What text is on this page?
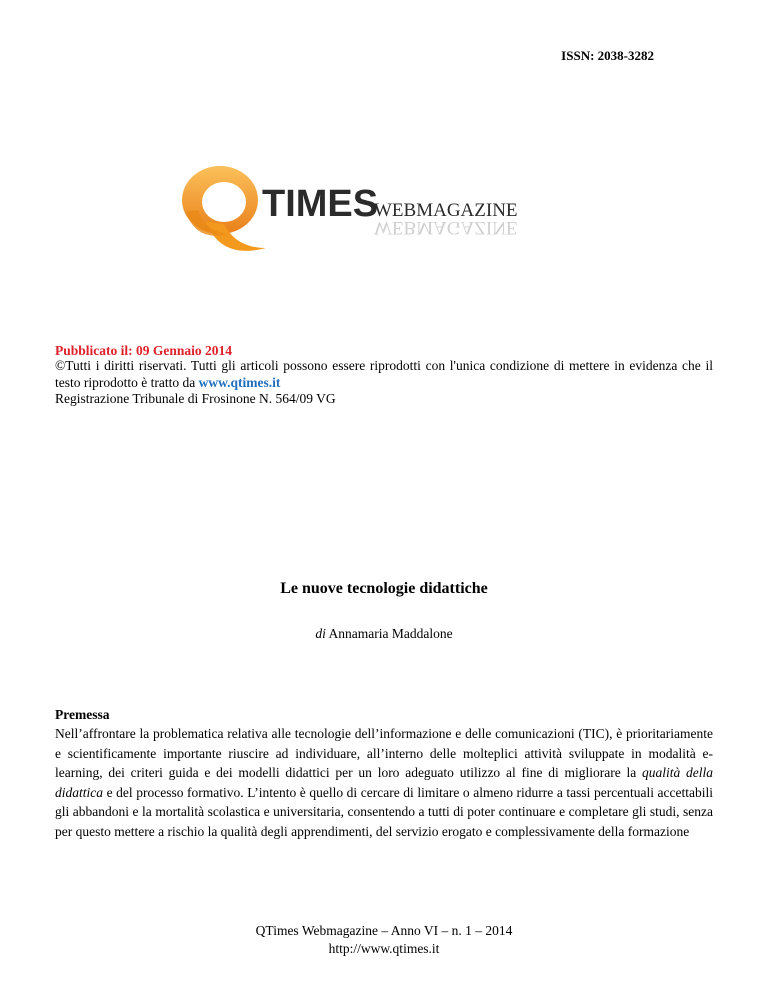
ISSN: 2038-3282
TIMES
WEBMAGAZINE
WEBMAGAZINE
Pubblicato il: 09 Gennaio 2014
©Tutti i diritti riservati. Tutti gli articoli possono essere riprodotti con l'unica condizione di mettere in evidenza che il testo riprodotto è tratto da www.qtimes.it
Registrazione Tribunale di Frosinone N. 564/09 VG
Le nuove tecnologie didattiche
di Annamaria Maddalone
Premessa
Nell’affrontare la problematica relativa alle tecnologie dell’informazione e delle comunicazioni (TIC), è prioritariamente e scientificamente importante riuscire ad individuare, all’interno delle molteplici attività sviluppate in modalità e-learning, dei criteri guida e dei modelli didattici per un loro adeguato utilizzo al fine di migliorare la qualità della didattica e del processo formativo. L’intento è quello di cercare di limitare o almeno ridurre a tassi percentuali accettabili gli abbandoni e la mortalità scolastica e universitaria, consentendo a tutti di poter continuare e completare gli studi, senza per questo mettere a rischio la qualità degli apprendimenti, del servizio erogato e complessivamente della formazione
QTimes Webmagazine – Anno VI – n. 1 – 2014
http://www.qtimes.it
